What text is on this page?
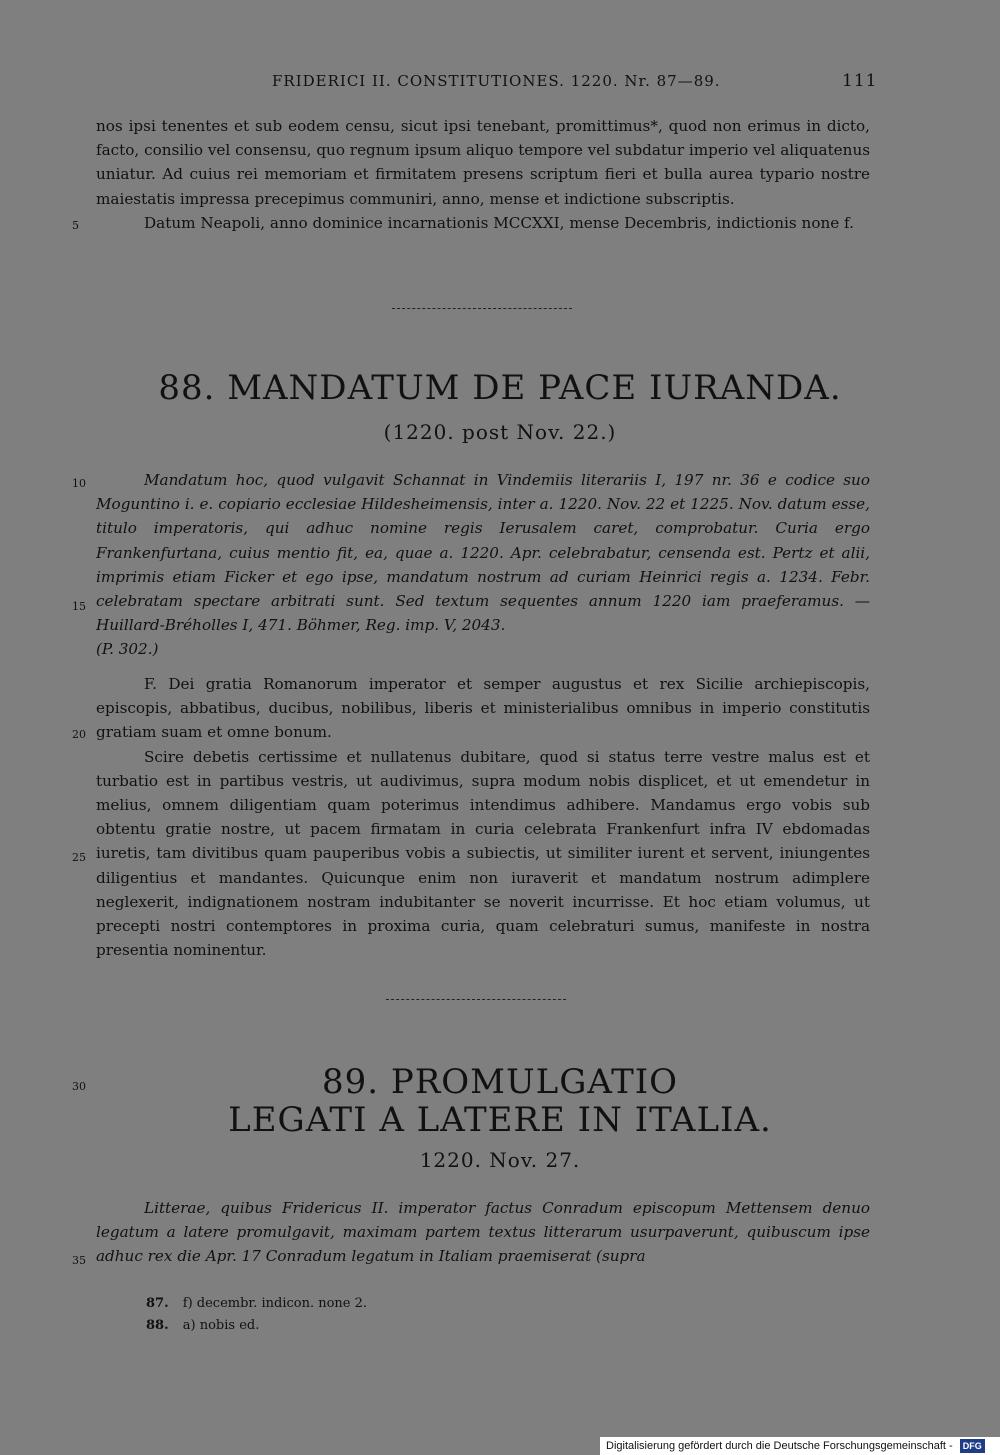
FRIDERICI II. CONSTITUTIONES. 1220. Nr. 87—89.	111

nos ipsi tenentes et sub eodem censu, sicut ipsi tenebant, promittimus*, quod non erimus in dicto, facto, consilio vel consensu, quo regnum ipsum aliquo tempore vel subdatur imperio vel aliquatenus uniatur. Ad cuius rei memoriam et firmitatem presens scriptum fieri et bulla aurea typario nostre maiestatis impressa precepimus communiri, anno, mense et indictione subscriptis.

Datum Neapoli, anno dominice incarnationis MCCXXI, mense Decembris, indictionis none f.

5
88. MANDATUM DE PACE IURANDA.
(1220. post Nov. 22.)

Mandatum hoc, quod vulgavit Schannat in Vindemiis literariis I, 197 nr. 36 e codice suo Moguntino i. e. copiario ecclesiae Hildesheimensis, inter a. 1220. Nov. 22 et 1225. Nov. datum esse, titulo imperatoris, qui adhuc nomine regis Ierusalem caret, comprobatur. Curia ergo Frankenfurtana, cuius mentio fit, ea, quae a. 1220. Apr. celebrabatur, censenda est. Pertz et alii, imprimis etiam Ficker et ego ipse, mandatum nostrum ad curiam Heinrici regis a. 1234. Febr. celebratam spectare arbitrati sunt. Sed textum sequentes annum 1220 iam praeferamus. — Huillard-Bréholles I, 471. Böhmer, Reg. imp. V, 2043.

(P. 302.)

10
15

F. Dei gratia Romanorum imperator et semper augustus et rex Sicilie archiepiscopis, episcopis, abbatibus, ducibus, nobilibus, liberis et ministerialibus omnibus in imperio constitutis gratiam suam et omne bonum.

Scire debetis certissime et nullatenus dubitare, quod si status terre vestre malus est et turbatio est in partibus vestris, ut audivimus, supra modum nobis displicet, et ut emendetur in melius, omnem diligentiam quam poterimus intendimus adhibere. Mandamus ergo vobis sub obtentu gratie nostre, ut pacem firmatam in curia celebrata Frankenfurt infra IV ebdomadas iuretis, tam divitibus quam pauperibus vobis a subiectis, ut similiter iurent et servent, iniungentes diligentius et mandantes. Quicunque enim non iuraverit et mandatum nostrum adimplere neglexerit, indignationem nostram indubitanter se noverit incurrisse. Et hoc etiam volumus, ut precepti nostri contemptores in proxima curia, quam celebraturi sumus, manifeste in nostra presentia nominentur.

20
25
30	89. PROMULGATIO
LEGATI A LATERE IN ITALIA.
1220. Nov. 27.

Litterae, quibus Fridericus II. imperator factus Conradum episcopum Mettensem denuo legatum a latere promulgavit, maximam partem textus litterarum usurpaverunt, quibuscum ipse adhuc rex die Apr. 17 Conradum legatum in Italiam praemiserat (supra

35
87. f) decembr. indicon. none 2.
88. a) nobis ed.
Digitalisierung gefördert durch die Deutsche Forschungsgemeinschaft - DFG
